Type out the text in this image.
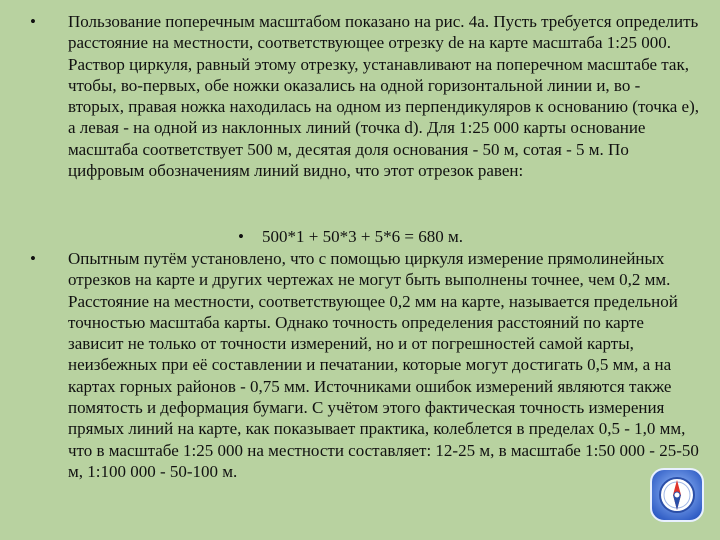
• Пользование поперечным масштабом показано на рис. 4а. Пусть требуется определить расстояние на местности, соответствующее отрезку de на карте масштаба 1:25 000. Раствор циркуля, равный этому отрезку, устанавливают на поперечном масштабе так, чтобы, во-первых, обе ножки оказались на одной горизонтальной линии и, во - вторых, правая ножка находилась на одном из перпендикуляров к основанию (точка е), а левая - на одной из наклонных линий (точка d). Для 1:25 000 карты основание масштаба соответствует 500 м, десятая доля основания - 50 м, сотая - 5 м. По цифровым обозначениям линий видно, что этот отрезок равен:
• 500*1 + 50*3 + 5*6 = 680 м.
• Опытным путём установлено, что с помощью циркуля измерение прямолинейных отрезков на карте и других чертежах не могут быть выполнены точнее, чем 0,2 мм. Расстояние на местности, соответствующее 0,2 мм на карте, называется предельной точностью масштаба карты. Однако точность определения расстояний по карте зависит не только от точности измерений, но и от погрешностей самой карты, неизбежных при её составлении и печатании, которые могут достигать 0,5 мм, а на картах горных районов - 0,75 мм. Источниками ошибок измерений являются также помятость и деформация бумаги. С учётом этого фактическая точность измерения прямых линий на карте, как показывает практика, колеблется в пределах 0,5 - 1,0 мм, что в масштабе 1:25 000 на местности составляет: 12-25 м, в масштабе 1:50 000 - 25-50 м, 1:100 000 - 50-100 м.
